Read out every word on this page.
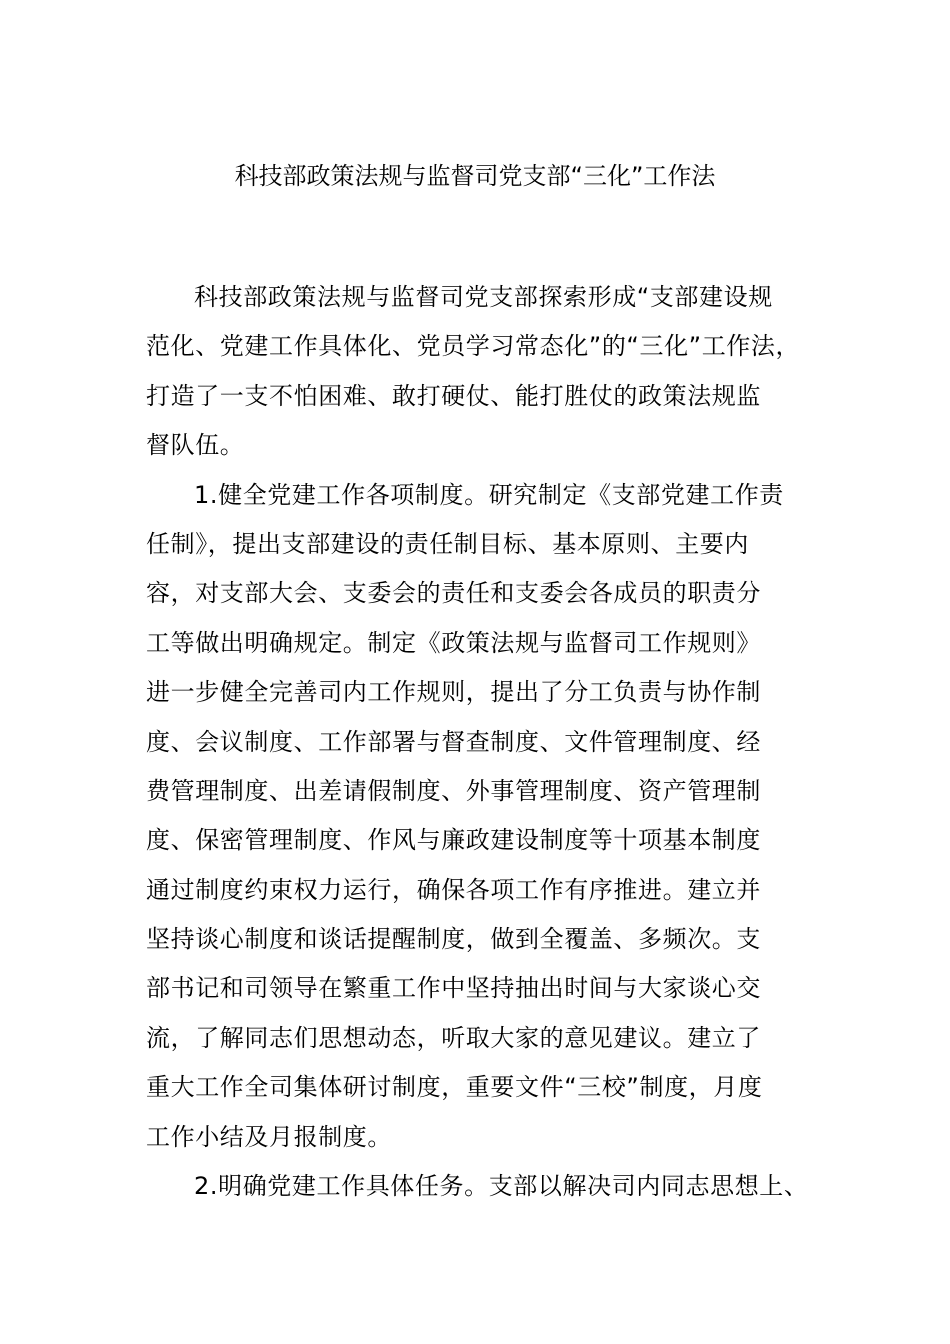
科技部政策法规与监督司党支部“三化”工作法
科技部政策法规与监督司党支部探索形成“支部建设规
范化、党建工作具体化、党员学习常态化”的“三化”工作法，
打造了一支不怕困难、敢打硬仗、能打胜仗的政策法规监
督队伍。
1.健全党建工作各项制度。研究制定《支部党建工作责
任制》，提出支部建设的责任制目标、基本原则、主要内
容，对支部大会、支委会的责任和支委会各成员的职责分
工等做出明确规定。制定《政策法规与监督司工作规则》
进一步健全完善司内工作规则，提出了分工负责与协作制
度、会议制度、工作部署与督查制度、文件管理制度、经
费管理制度、出差请假制度、外事管理制度、资产管理制
度、保密管理制度、作风与廉政建设制度等十项基本制度
通过制度约束权力运行，确保各项工作有序推进。建立并
坚持谈心制度和谈话提醒制度，做到全覆盖、多频次。支
部书记和司领导在繁重工作中坚持抽出时间与大家谈心交
流，了解同志们思想动态，听取大家的意见建议。建立了
重大工作全司集体研讨制度，重要文件“三校”制度，月度
工作小结及月报制度。
2.明确党建工作具体任务。支部以解决司内同志思想上、
